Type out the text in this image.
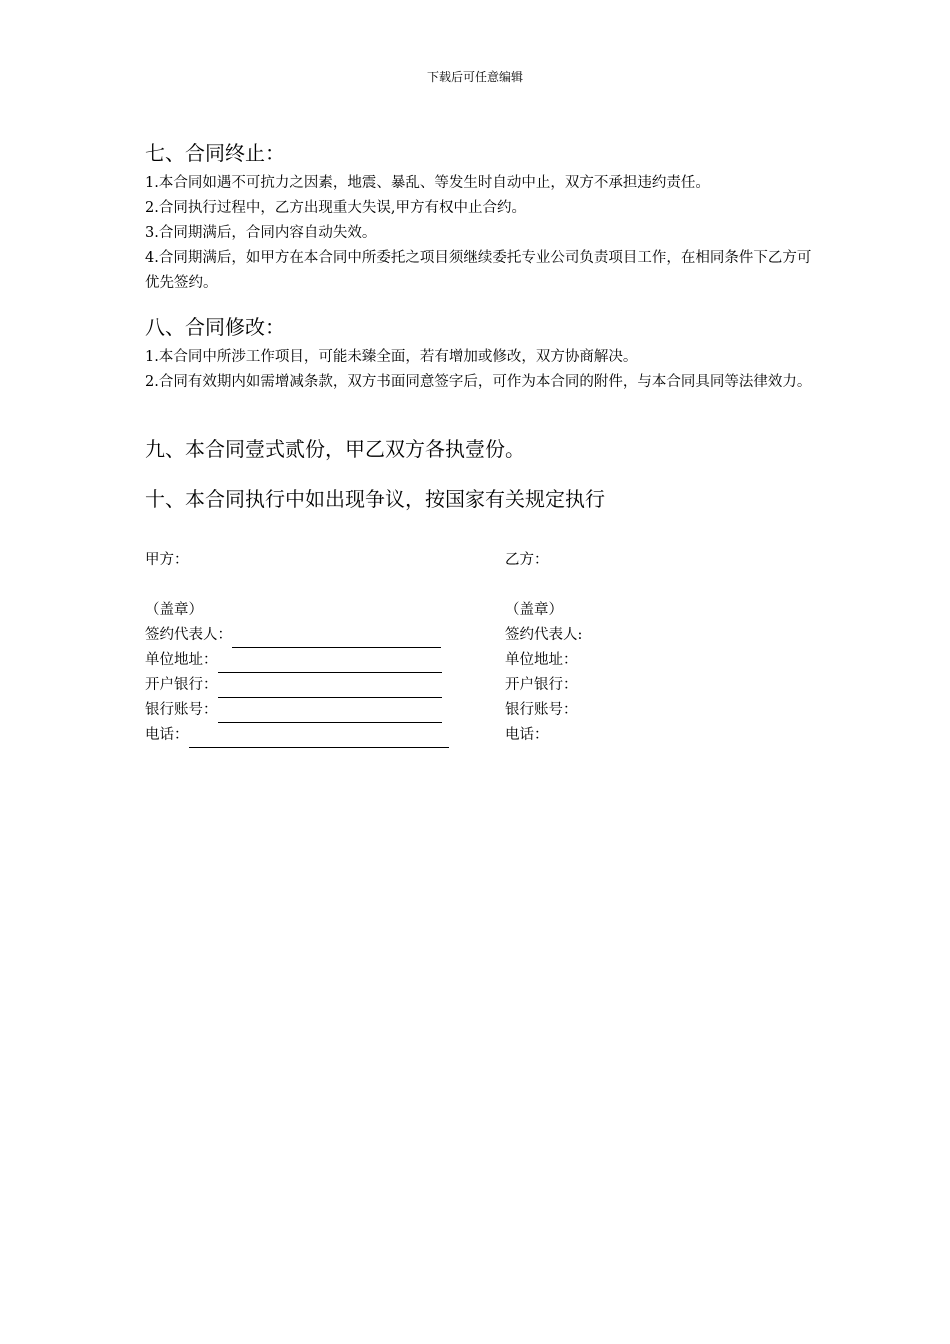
下载后可任意编辑

七、合同终止：

1.本合同如遇不可抗力之因素，地震、暴乱、等发生时自动中止，双方不承担违约责任。

2.合同执行过程中，乙方出现重大失误,甲方有权中止合约。

3.合同期满后，合同内容自动失效。

4.合同期满后，如甲方在本合同中所委托之项目须继续委托专业公司负责项目工作，在相同条件下乙方可优先签约。

八、合同修改：

1.本合同中所涉工作项目，可能未臻全面，若有增加或修改，双方协商解决。

2.合同有效期内如需增减条款，双方书面同意签字后，可作为本合同的附件，与本合同具同等法律效力。

九、本合同壹式贰份，甲乙双方各执壹份。

十、本合同执行中如出现争议，按国家有关规定执行

甲方：
（盖章）
签约代表人：
单位地址：
开户银行：
银行账号：
电话：
乙方：
（盖章）
签约代表人:
单位地址：
开户银行：
银行账号：
电话：
